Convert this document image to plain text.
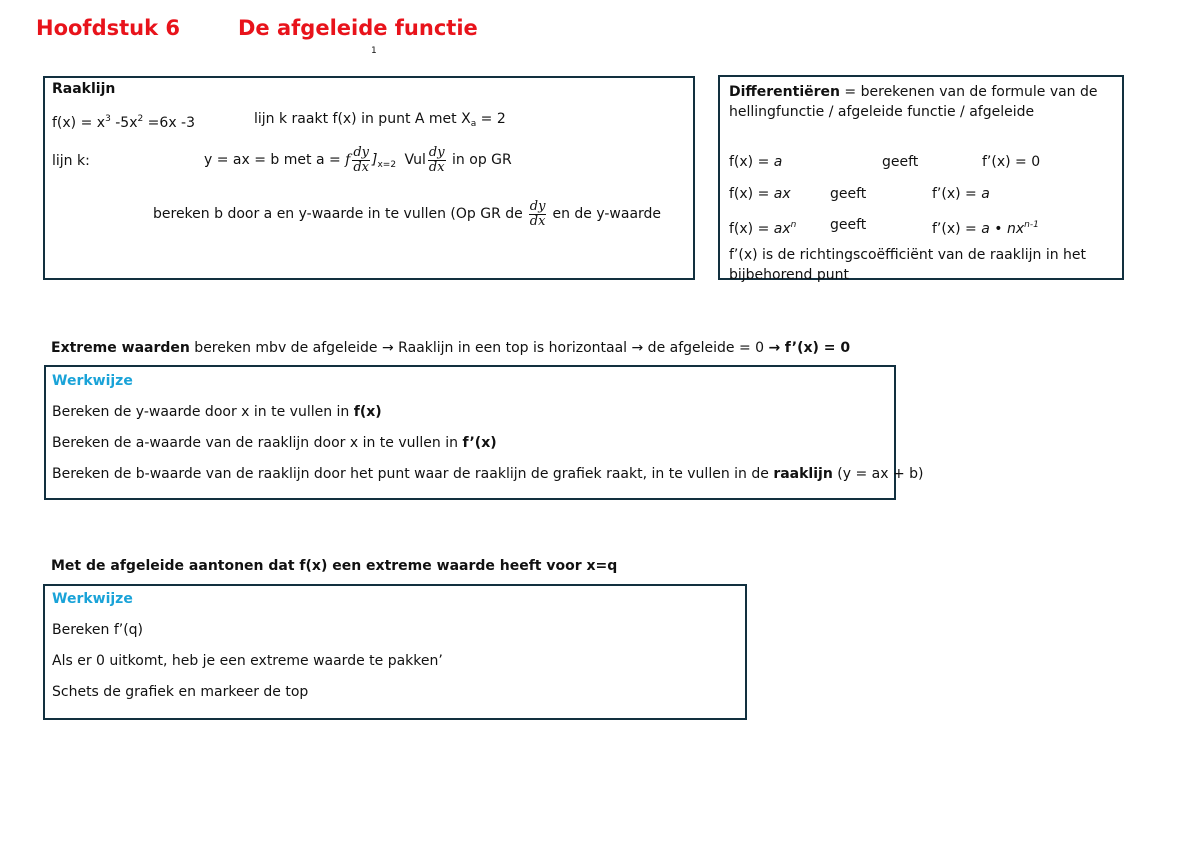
Hoofdstuk 6	De afgeleide functie
1
Raaklijn
$f(x) = x^3$ $-5x^2 =6x$ -3	lijn k raakt f(x) in punt A met $X_a = 2$
lijn k:	y = ax = b met a = f $\frac{dy}{dx} ]_{x=2}$ Vul $\frac{dy}{dx}$ in op GR
bereken b door a en y-waarde in te vullen (Op GR de $\frac{dy}{dx}$ en de y-waarde
Differentiëren = berekenen van de formule van de hellingfunctie / afgeleide functie / afgeleide
f(x) = a	geeft	f’(x) = 0
f(x) = ax	geeft	f’(x) = a
$f(x) = ax^n$ geeft	f’(x) = a • $nx^{n-1}$
f’(x) is de richtingscoëfficiënt van de raaklijn in het bijbehorend punt
Extreme waarden bereken mbv de afgeleide → Raaklijn in een top is horizontaal → de afgeleide = 0 → f’(x) = 0
Werkwijze
Bereken de y-waarde door x in te vullen in f(x)
Bereken de a-waarde van de raaklijn door x in te vullen in f’(x)
Bereken de b-waarde van de raaklijn door het punt waar de raaklijn de grafiek raakt, in te vullen in de raaklijn (y = ax + b)
Met de afgeleide aantonen dat f(x) een extreme waarde heeft voor x=q
Werkwijze
Bereken f’(q)
Als er 0 uitkomt, heb je een extreme waarde te pakken’
Schets de grafiek en markeer de top
